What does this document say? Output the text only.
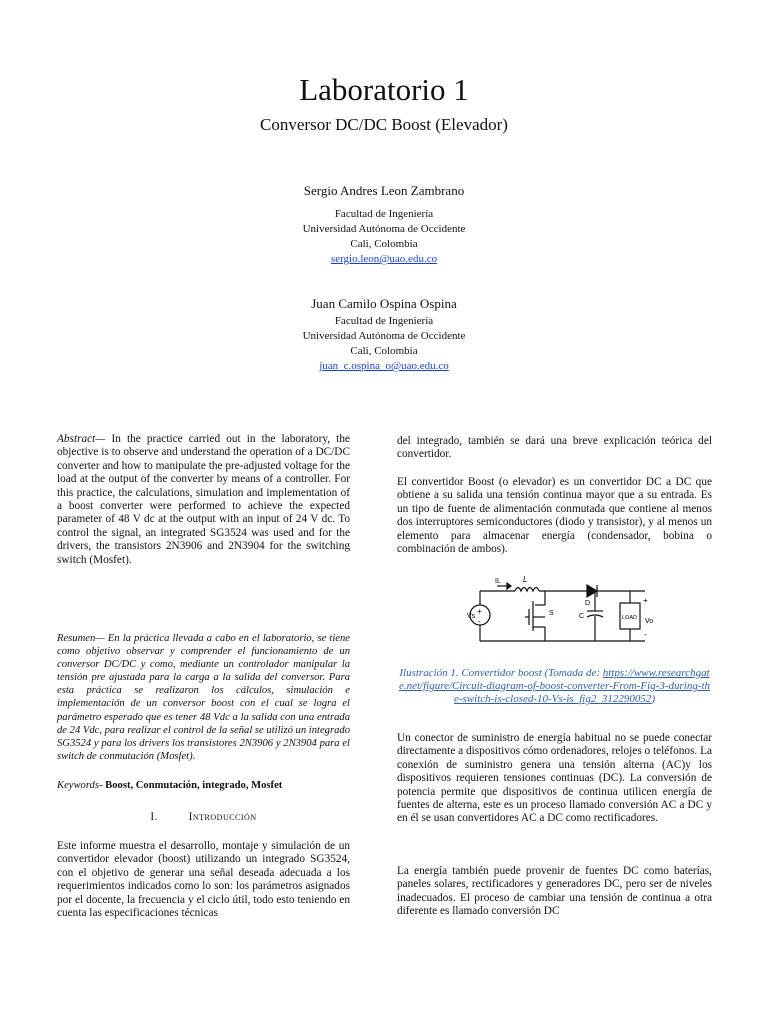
Laboratorio 1
Conversor DC/DC Boost (Elevador)
Sergio Andres Leon Zambrano
Facultad de Ingeniería
Universidad Autónoma de Occidente
Cali, Colombia
sergio.leon@uao.edu.co
Juan Camilo Ospina Ospina
Facultad de Ingeniería
Universidad Autónoma de Occidente
Cali, Colombia
juan_c.ospina_o@uao.edu.co
Abstract— In the practice carried out in the laboratory, the objective is to observe and understand the operation of a DC/DC converter and how to manipulate the pre-adjusted voltage for the load at the output of the converter by means of a controller. For this practice, the calculations, simulation and implementation of a boost converter were performed to achieve the expected parameter of 48 V dc at the output with an input of 24 V dc. To control the signal, an integrated SG3524 was used and for the drivers, the transistors 2N3906 and 2N3904 for the switching switch (Mosfet).
Resumen— En la práctica llevada a cabo en el laboratorio, se tiene como objetivo observar y comprender el funcionamiento de un conversor DC/DC y como, mediante un controlador manipular la tensión pre ajustada para la carga a la salida del conversor. Para esta práctica se realizaron los cálculos, simulación e implementación de un conversor boost con el cual se logra el parámetro esperado que es tener 48 Vdc a la salida con una entrada de 24 Vdc, para realizar el control de la señal se utilizó un integrado SG3524 y para los drivers los transistores 2N3906 y 2N3904 para el switch de conmutación (Mosfet).
Keywords- Boost, Conmutación, integrado, Mosfet
I.	Introducción
Este informe muestra el desarrollo, montaje y simulación de un convertidor elevador (boost) utilizando un integrado SG3524, con el objetivo de generar una señal deseada adecuada a los requerimientos indicados como lo son: los parámetros asignados por el docente, la frecuencia y el ciclo útil, todo esto teniendo en cuenta las especificaciones técnicas
del integrado, también se dará una breve explicación teórica del convertidor.
El convertidor Boost (o elevador) es un convertidor DC a DC que obtiene a su salida una tensión continua mayor que a su entrada. Es un tipo de fuente de alimentación conmutada que contiene al menos dos interruptores semiconductores (diodo y transistor), y al menos un elemento para almacenar energía (condensador, bobina o combinación de ambos).
Vs
+
-
IL	L
D
S	C	LOAD
+
Vo
-
Ilustración 1. Convertidor boost (Tomada de: https://www.researchgate.net/figure/Circuit-diagram-of-boost-converter-From-Fig-3-during-the-switch-is-closed-10-Vs-is_fig2_312290052)
Un conector de suministro de energía habitual no se puede conectar directamente a dispositivos cómo ordenadores, relojes o teléfonos. La conexión de suministro genera una tensión alterna (AC)y los dispositivos requieren tensiones continuas (DC). La conversión de potencia permite que dispositivos de continua utilicen energía de fuentes de alterna, este es un proceso llamado conversión AC a DC y en él se usan convertidores AC a DC como rectificadores.
La energía también puede provenir de fuentes DC como baterías, paneles solares, rectificadores y generadores DC, pero ser de niveles inadecuados. El proceso de cambiar una tensión de continua a otra diferente es llamado conversión DC
